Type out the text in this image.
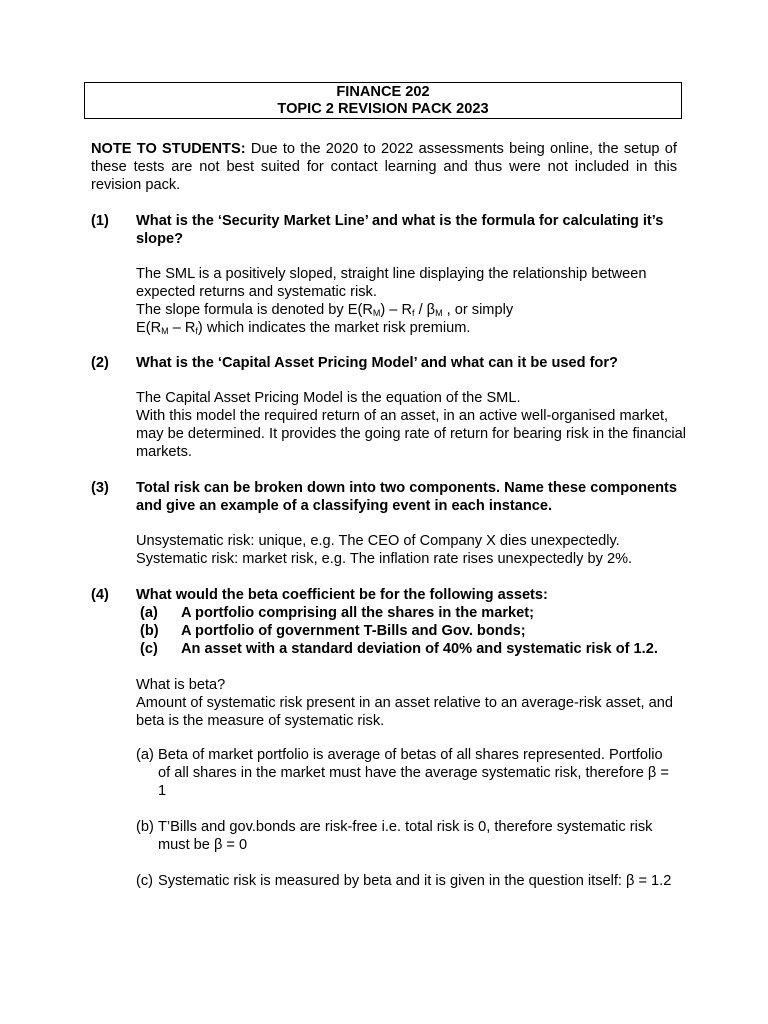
FINANCE 202
TOPIC 2 REVISION PACK 2023
NOTE TO STUDENTS: Due to the 2020 to 2022 assessments being online, the setup of these tests are not best suited for contact learning and thus were not included in this revision pack.
(1) What is the ‘Security Market Line’ and what is the formula for calculating it’s slope?
The SML is a positively sloped, straight line displaying the relationship between expected returns and systematic risk.
The slope formula is denoted by $E(R_M) - R_f / \beta_M$ , or simply
$E(R_M - R_f)$ which indicates the market risk premium.
(2) What is the ‘Capital Asset Pricing Model’ and what can it be used for?
The Capital Asset Pricing Model is the equation of the SML.
With this model the required return of an asset, in an active well-organised market, may be determined. It provides the going rate of return for bearing risk in the financial markets.
(3) Total risk can be broken down into two components. Name these components and give an example of a classifying event in each instance.
Unsystematic risk: unique, e.g. The CEO of Company X dies unexpectedly.
Systematic risk: market risk, e.g. The inflation rate rises unexpectedly by 2%.
(4) What would the beta coefficient be for the following assets:
(a) A portfolio comprising all the shares in the market;
(b) A portfolio of government T-Bills and Gov. bonds;
(c) An asset with a standard deviation of 40% and systematic risk of 1.2.
What is beta?
Amount of systematic risk present in an asset relative to an average-risk asset, and beta is the measure of systematic risk.
(a) Beta of market portfolio is average of betas of all shares represented. Portfolio of all shares in the market must have the average systematic risk, therefore β = 1
(b) T’Bills and gov.bonds are risk-free i.e. total risk is 0, therefore systematic risk must be β = 0
(c) Systematic risk is measured by beta and it is given in the question itself: β = 1.2
